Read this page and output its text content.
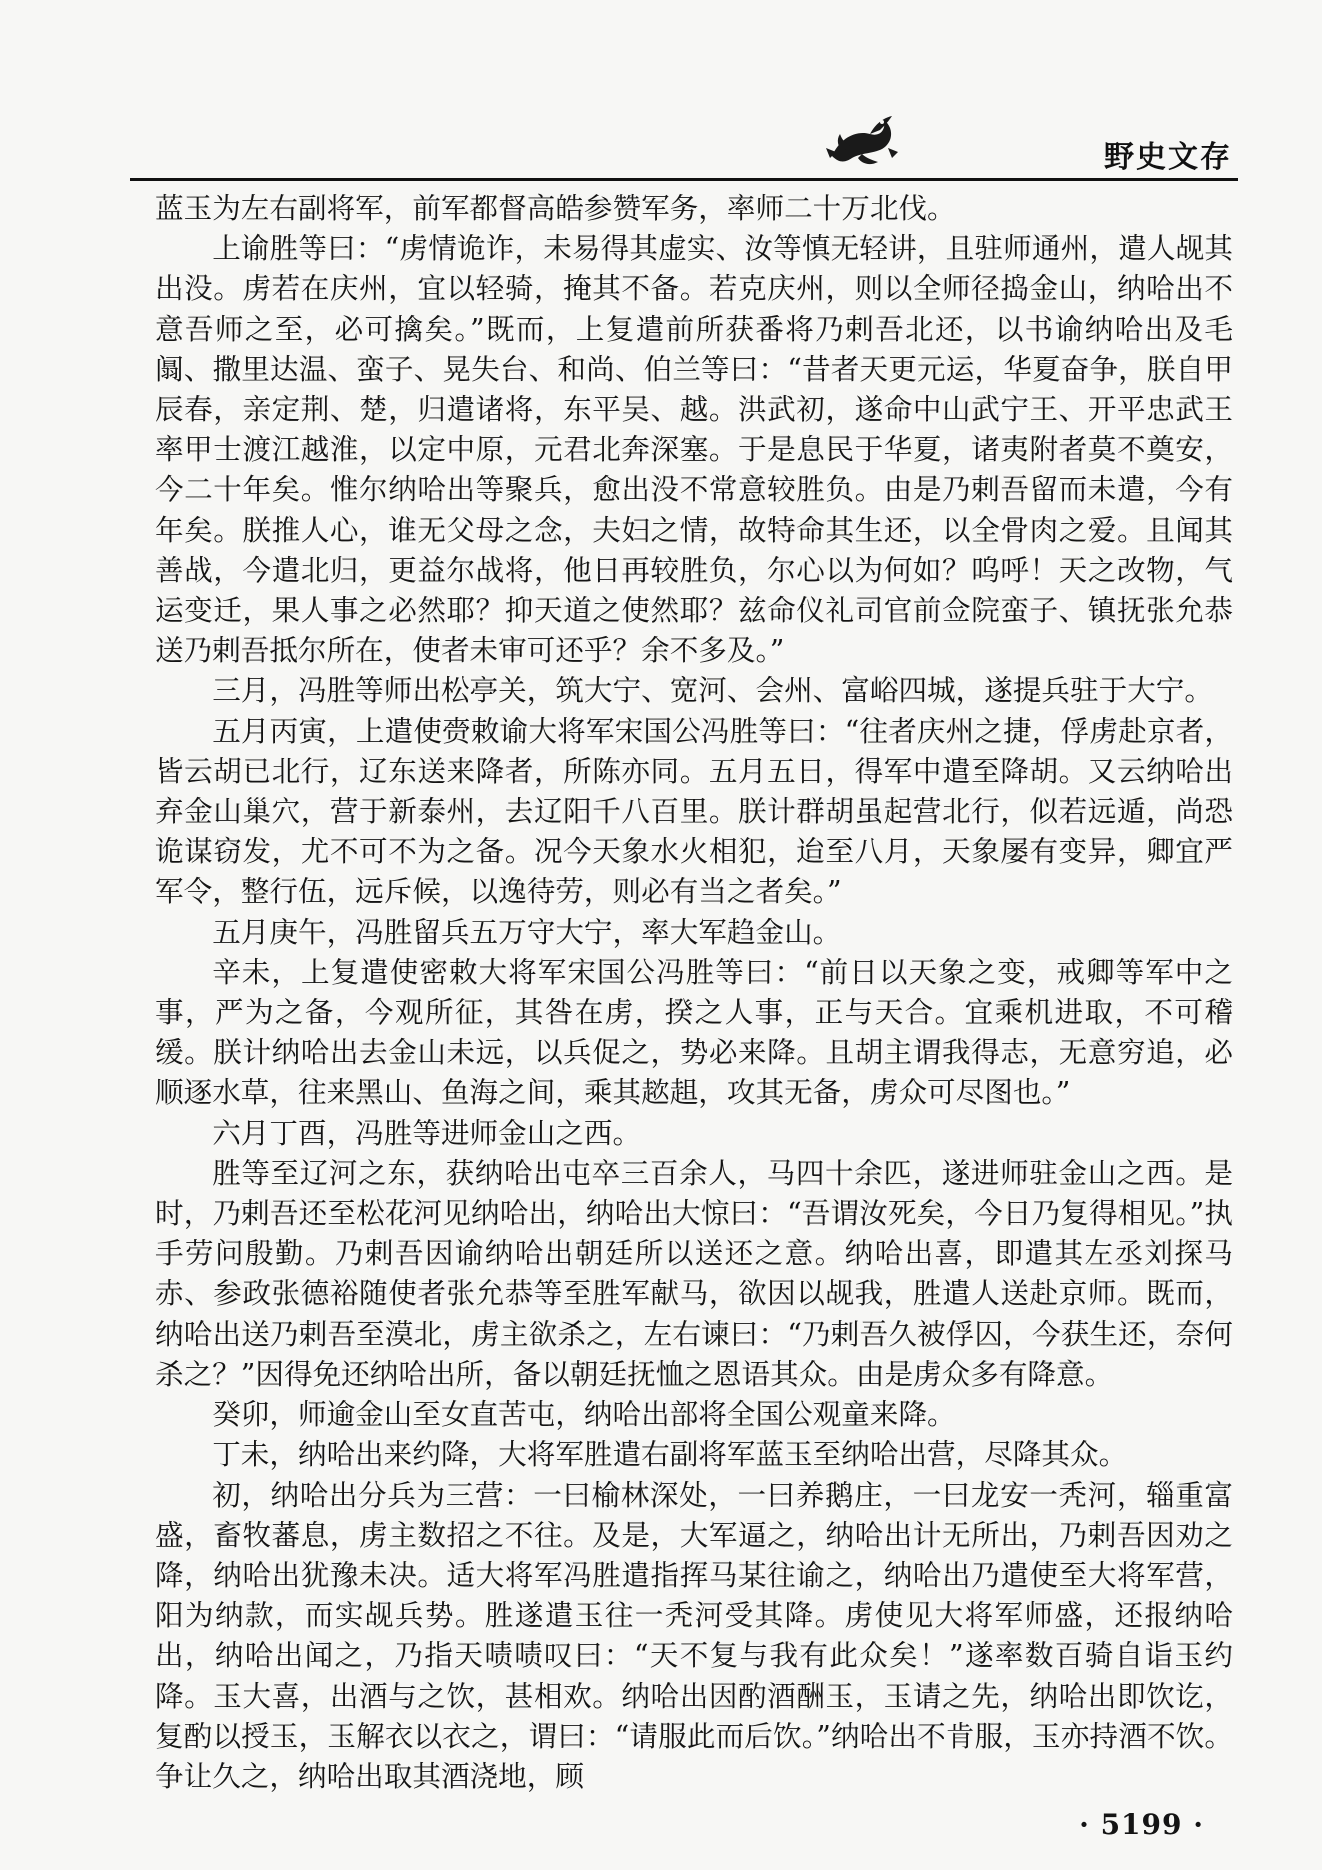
野史文存

蓝玉为左右副将军，前军都督高皓参赞军务，率师二十万北伐。

上谕胜等曰：“虏情诡诈，未易得其虚实、汝等慎无轻讲，且驻师通州，遣人觇其出没。虏若在庆州，宜以轻骑，掩其不备。若克庆州，则以全师径捣金山，纳哈出不意吾师之至，必可擒矣。”既而，上复遣前所获番将乃剌吾北还，以书谕纳哈出及毛阘、撒里达温、蛮子、晃失台、和尚、伯兰等曰：“昔者天更元运，华夏奋争，朕自甲辰春，亲定荆、楚，归遣诸将，东平吴、越。洪武初，遂命中山武宁王、开平忠武王率甲士渡江越淮，以定中原，元君北奔深塞。于是息民于华夏，诸夷附者莫不奠安，今二十年矣。惟尔纳哈出等聚兵，愈出没不常意较胜负。由是乃剌吾留而未遣，今有年矣。朕推人心，谁无父母之念，夫妇之情，故特命其生还，以全骨肉之爱。且闻其善战，今遣北归，更益尔战将，他日再较胜负，尔心以为何如？呜呼！天之改物，气运变迁，果人事之必然耶？抑天道之使然耶？兹命仪礼司官前佥院蛮子、镇抚张允恭送乃剌吾抵尔所在，使者未审可还乎？余不多及。”

三月，冯胜等师出松亭关，筑大宁、宽河、会州、富峪四城，遂提兵驻于大宁。

五月丙寅，上遣使赍敕谕大将军宋国公冯胜等曰：“往者庆州之捷，俘虏赴京者，皆云胡已北行，辽东送来降者，所陈亦同。五月五日，得军中遣至降胡。又云纳哈出弃金山巢穴，营于新泰州，去辽阳千八百里。朕计群胡虽起营北行，似若远遁，尚恐诡谋窃发，尤不可不为之备。况今天象水火相犯，迨至八月，天象屡有变异，卿宜严军令，整行伍，远斥候，以逸待劳，则必有当之者矣。”

五月庚午，冯胜留兵五万守大宁，率大军趋金山。

辛未，上复遣使密敕大将军宋国公冯胜等曰：“前日以天象之变，戒卿等军中之事，严为之备，今观所征，其咎在虏，揆之人事，正与天合。宜乘机进取，不可稽缓。朕计纳哈出去金山未远，以兵促之，势必来降。且胡主谓我得志，无意穷追，必顺逐水草，往来黑山、鱼海之间，乘其趑趄，攻其无备，虏众可尽图也。”

六月丁酉，冯胜等进师金山之西。

胜等至辽河之东，获纳哈出屯卒三百余人，马四十余匹，遂进师驻金山之西。是时，乃剌吾还至松花河见纳哈出，纳哈出大惊曰：“吾谓汝死矣，今日乃复得相见。”执手劳问殷勤。乃剌吾因谕纳哈出朝廷所以送还之意。纳哈出喜，即遣其左丞刘探马赤、参政张德裕随使者张允恭等至胜军献马，欲因以觇我，胜遣人送赴京师。既而，纳哈出送乃剌吾至漠北，虏主欲杀之，左右谏曰：“乃剌吾久被俘囚，今获生还，奈何杀之？”因得免还纳哈出所，备以朝廷抚恤之恩语其众。由是虏众多有降意。

癸卯，师逾金山至女直苦屯，纳哈出部将全国公观童来降。

丁未，纳哈出来约降，大将军胜遣右副将军蓝玉至纳哈出营，尽降其众。

初，纳哈出分兵为三营：一曰榆林深处，一曰养鹅庄，一曰龙安一秃河，辎重富盛，畜牧蕃息，虏主数招之不往。及是，大军逼之，纳哈出计无所出，乃剌吾因劝之降，纳哈出犹豫未决。适大将军冯胜遣指挥马某往谕之，纳哈出乃遣使至大将军营，阳为纳款，而实觇兵势。胜遂遣玉往一秃河受其降。虏使见大将军师盛，还报纳哈出，纳哈出闻之，乃指天啧啧叹曰：“天不复与我有此众矣！”遂率数百骑自诣玉约降。玉大喜，出酒与之饮，甚相欢。纳哈出因酌酒酬玉，玉请之先，纳哈出即饮讫，复酌以授玉，玉解衣以衣之，谓曰：“请服此而后饮。”纳哈出不肯服，玉亦持酒不饮。争让久之，纳哈出取其酒浇地，顾

· 5199 ·
